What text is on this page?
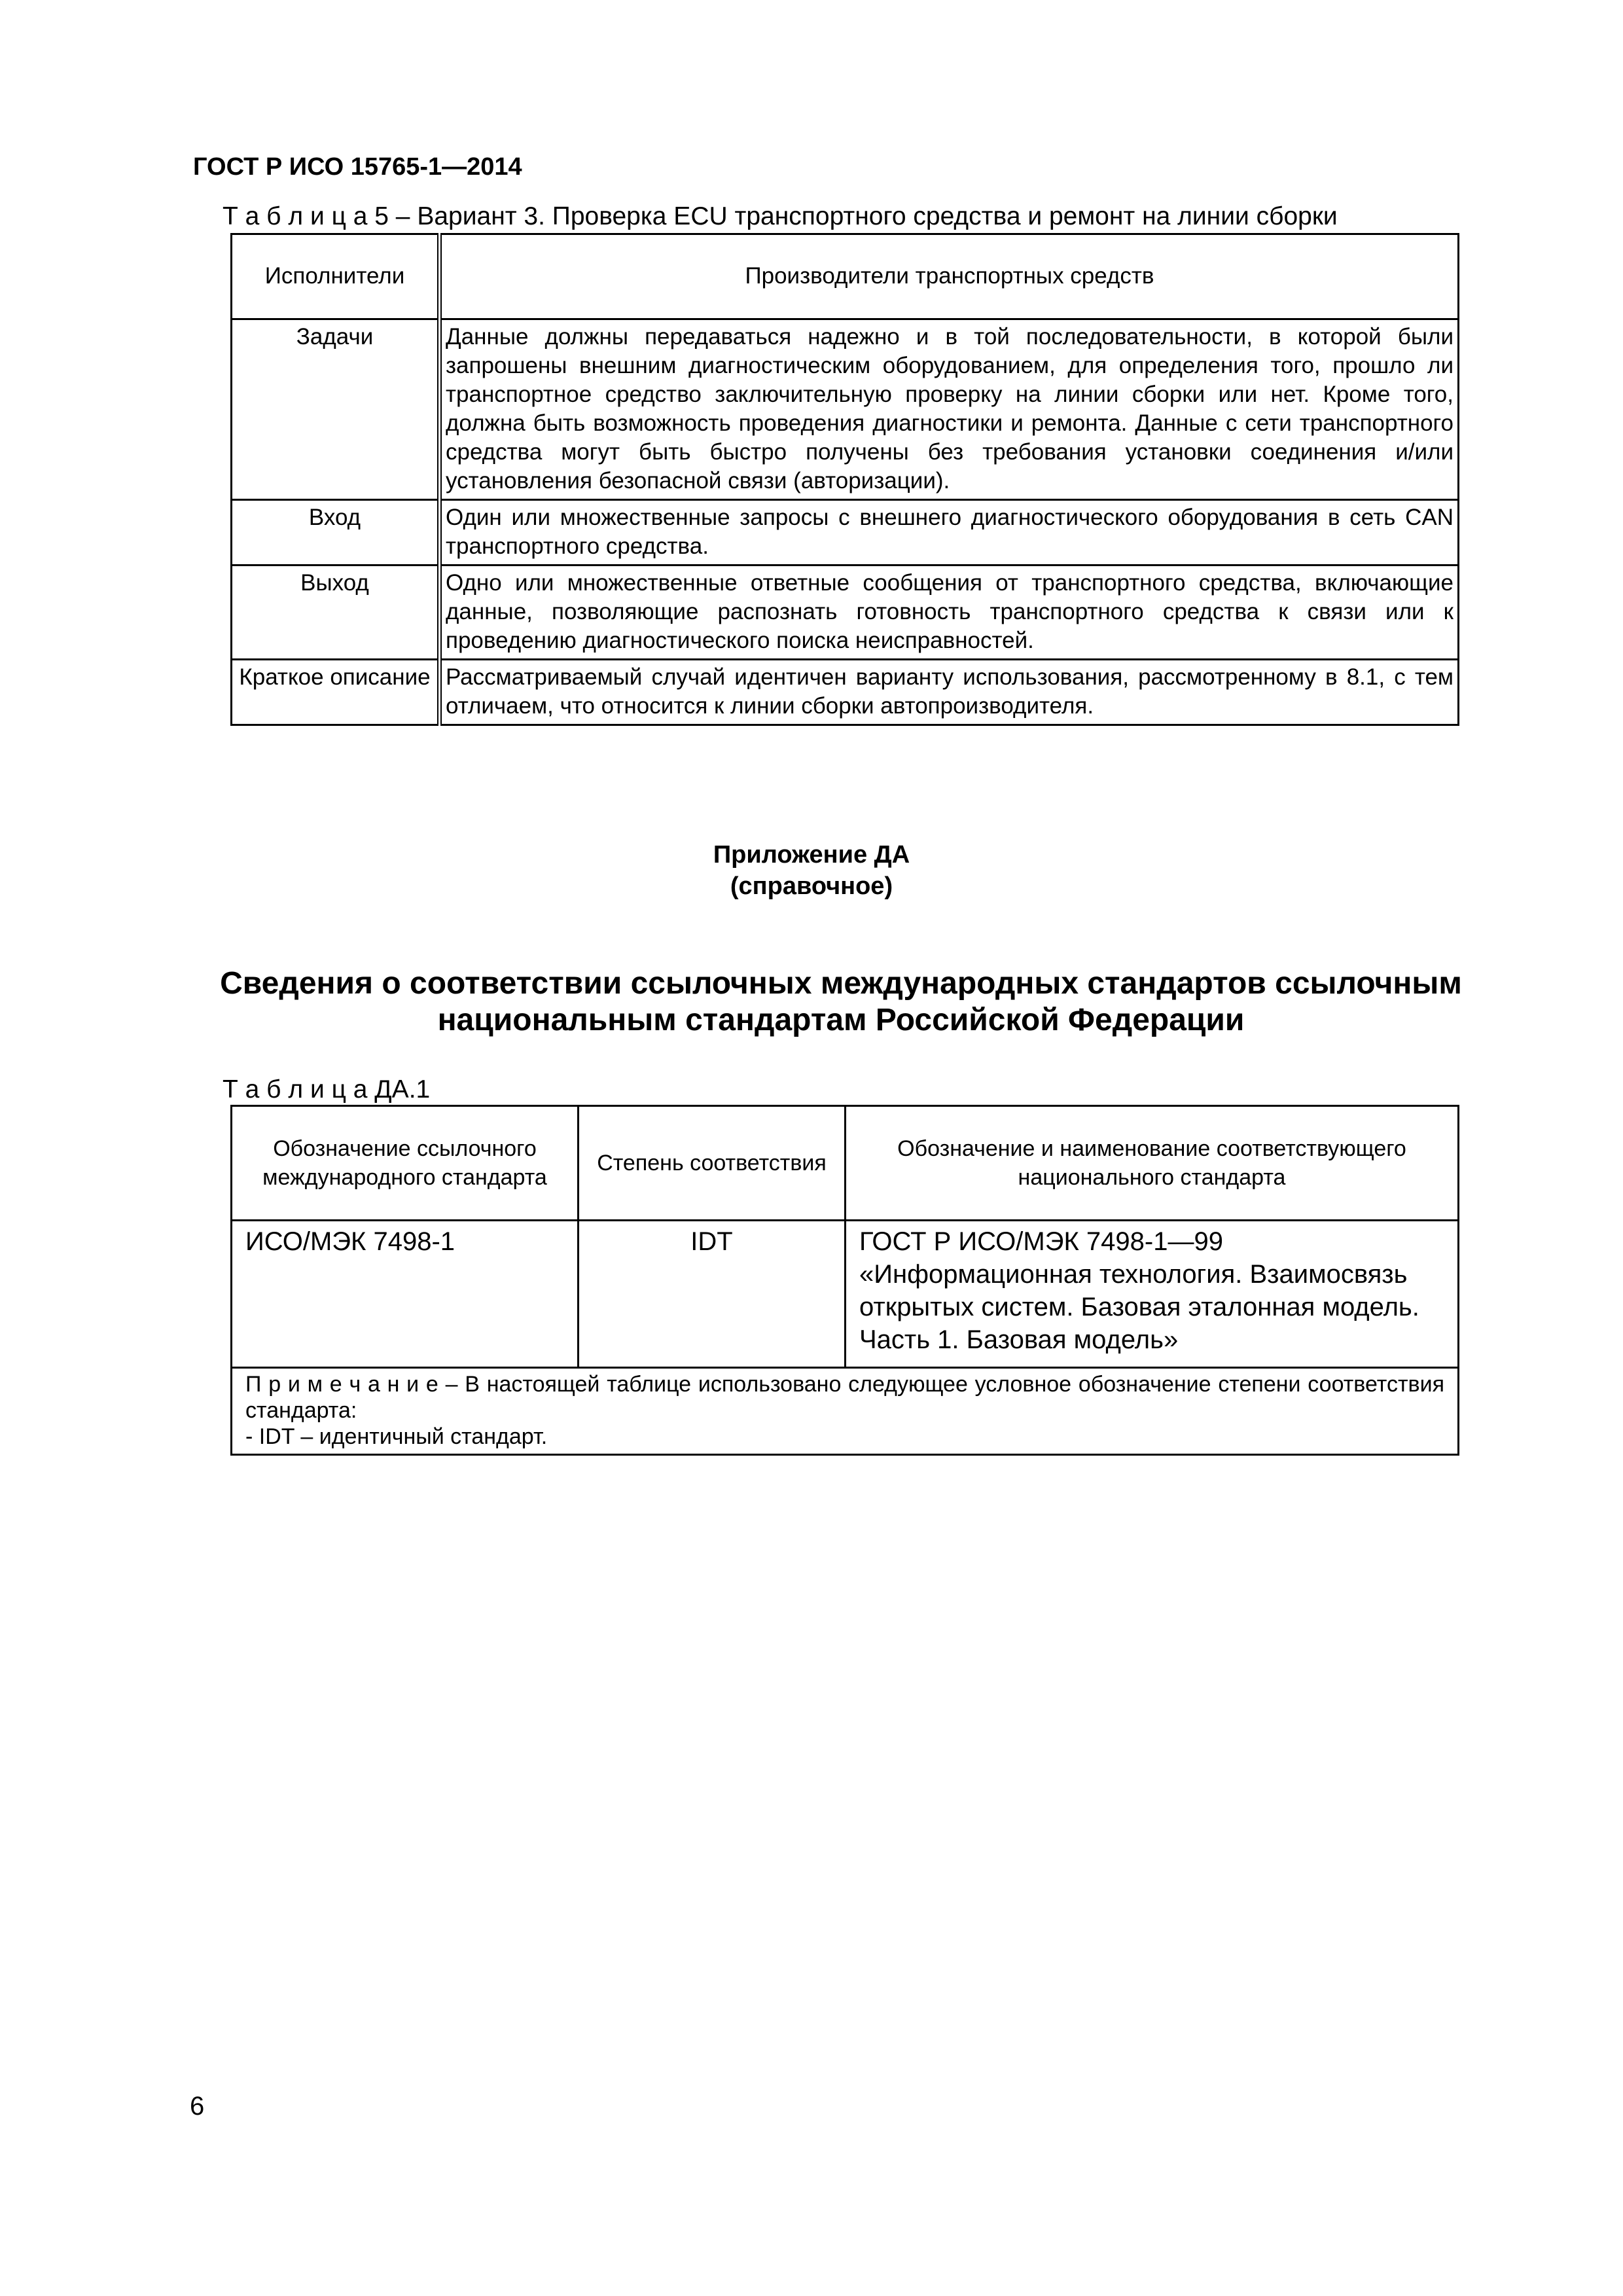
ГОСТ Р ИСО 15765-1—2014
Т а б л и ц а 5 – Вариант 3. Проверка ECU транспортного средства и ремонт на линии сборки
Исполнители	Производители транспортных средств
Задачи	Данные должны передаваться надежно и в той последовательности, в которой были запрошены внешним диагностическим оборудованием, для определения того, прошло ли транспортное средство заключительную проверку на линии сборки или нет. Кроме того, должна быть возможность проведения диагностики и ремонта. Данные с сети транспортного средства могут быть быстро получены без требования установки соединения и/или установления безопасной связи (авторизации).
Вход	Один или множественные запросы с внешнего диагностического оборудования в сеть CAN транспортного средства.
Выход	Одно или множественные ответные сообщения от транспортного средства, включающие данные, позволяющие распознать готовность транспортного средства к связи или к проведению диагностического поиска неисправностей.
Краткое описание	Рассматриваемый случай идентичен варианту использования, рассмотренному в 8.1, с тем отличаем, что относится к линии сборки автопроизводителя.
Приложение ДА
(справочное)
Сведения о соответствии ссылочных международных стандартов ссылочным
национальным стандартам Российской Федерации
Т а б л и ц а ДА.1
Обозначение ссылочного международного стандарта	Степень соответствия	Обозначение и наименование соответствующего национального стандарта
ИСО/МЭК 7498-1	IDT	ГОСТ Р ИСО/МЭК 7498-1—99 «Информационная технология. Взаимосвязь открытых систем. Базовая эталонная модель. Часть 1. Базовая модель»

П р и м е ч а н и е – В настоящей таблице использовано следующее условное обозначение степени соответствия стандарта:
- IDT – идентичный стандарт.		
6
